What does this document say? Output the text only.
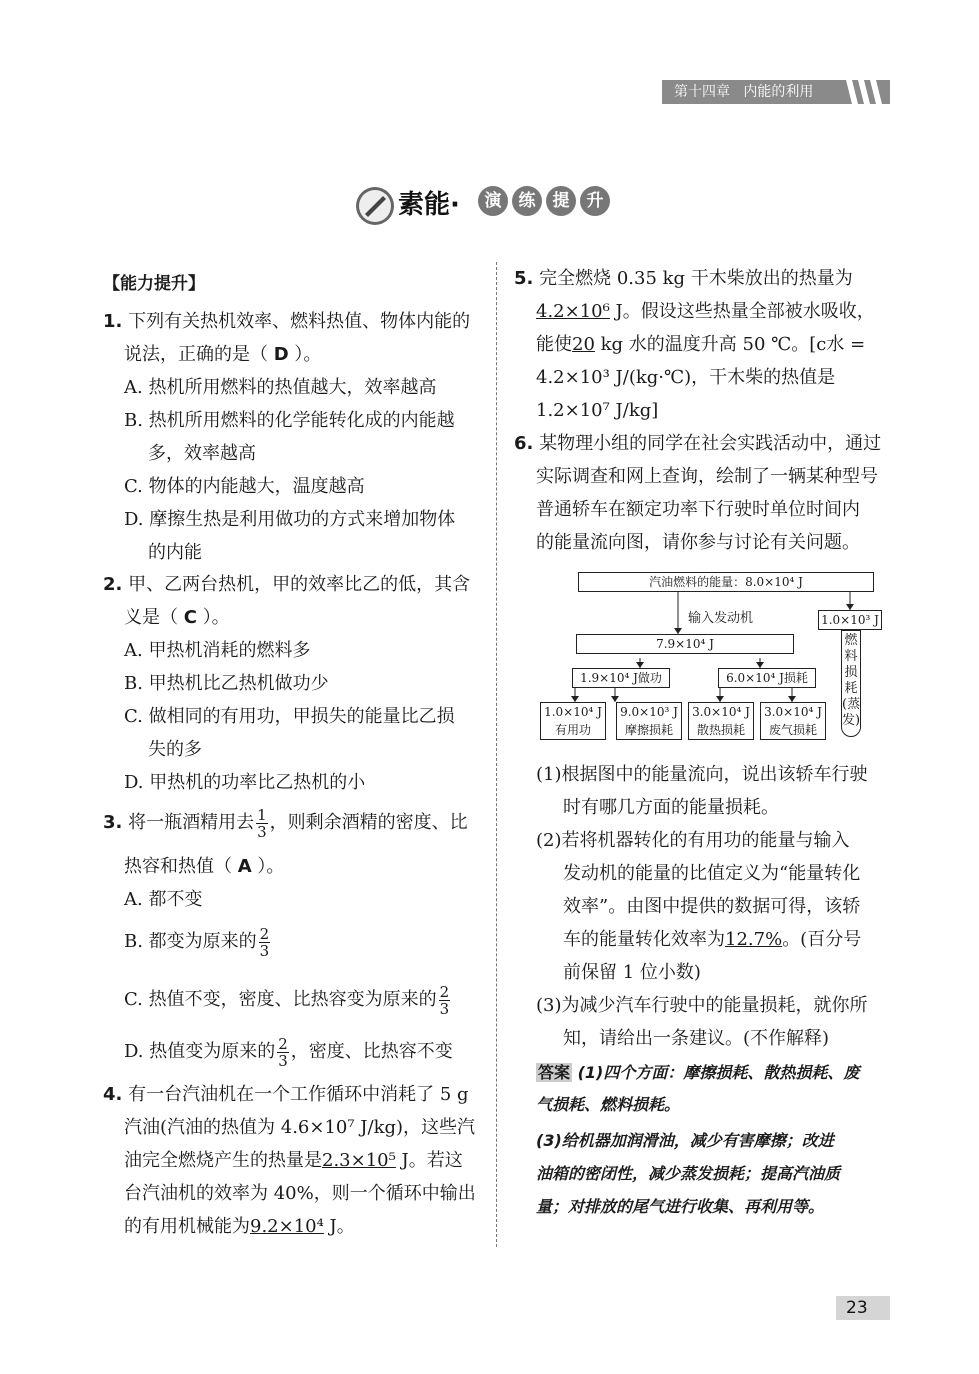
第十四章 内能的利用
素能·	演	练	提	升
【能力提升】
1. 下列有关热机效率、燃料热值、物体内能的
说法，正确的是（ D ）。
A. 热机所用燃料的热值越大，效率越高
B. 热机所用燃料的化学能转化成的内能越
多，效率越高
C. 物体的内能越大，温度越高
D. 摩擦生热是利用做功的方式来增加物体
的内能
2. 甲、乙两台热机，甲的效率比乙的低，其含
义是（ C ）。
A. 甲热机消耗的燃料多
B. 甲热机比乙热机做功少
C. 做相同的有用功，甲损失的能量比乙损
失的多
D. 甲热机的功率比乙热机的小
3. 将一瓶酒精用去 $\frac{1}{3}$ ，则剩余酒精的密度、比
热容和热值（ A ）。
A. 都不变
B. 都变为原来的 $\frac{2}{3}$
C. 热值不变，密度、比热容变为原来的 $\frac{2}{3}$
D. 热值变为原来的 $\frac{2}{3}$ ，密度、比热容不变
4. 有一台汽油机在一个工作循环中消耗了 5 g
汽油(汽油的热值为 4.6×10⁷ J/kg)，这些汽
油完全燃烧产生的热量是2.3×10⁵ J。若这
台汽油机的效率为 40%，则一个循环中输出
的有用机械能为9.2×10⁴ J。
5. 完全燃烧 0.35 kg 干木柴放出的热量为
4.2×10⁶ J。假设这些热量全部被水吸收，
能使20 kg 水的温度升高 50 ℃。[c水 =
4.2×10³ J/(kg·℃)，干木柴的热值是
1.2×10⁷ J/kg]
6. 某物理小组的同学在社会实践活动中，通过
实际调查和网上查询，绘制了一辆某种型号
普通轿车在额定功率下行驶时单位时间内
的能量流向图，请你参与讨论有关问题。
汽油燃料的能量：8.0×10⁴ J
输入发动机
7.9×10⁴ J
1.0×10³ J
燃料损耗(蒸发)
1.9×10⁴ J做功	6.0×10⁴ J损耗
1.0×10⁴ J
有用功
9.0×10³ J
摩擦损耗
3.0×10⁴ J
散热损耗
3.0×10⁴ J
废气损耗
(1)根据图中的能量流向，说出该轿车行驶
时有哪几方面的能量损耗。
(2)若将机器转化的有用功的能量与输入
发动机的能量的比值定义为“能量转化
效率”。由图中提供的数据可得，该轿
车的能量转化效率为12.7%。(百分号
前保留 1 位小数)
(3)为减少汽车行驶中的能量损耗，就你所
知，请给出一条建议。(不作解释)
答案 (1)四个方面：摩擦损耗、散热损耗、废
气损耗、燃料损耗。
(3)给机器加润滑油，减少有害摩擦；改进
油箱的密闭性，减少蒸发损耗；提高汽油质
量；对排放的尾气进行收集、再利用等。
23
